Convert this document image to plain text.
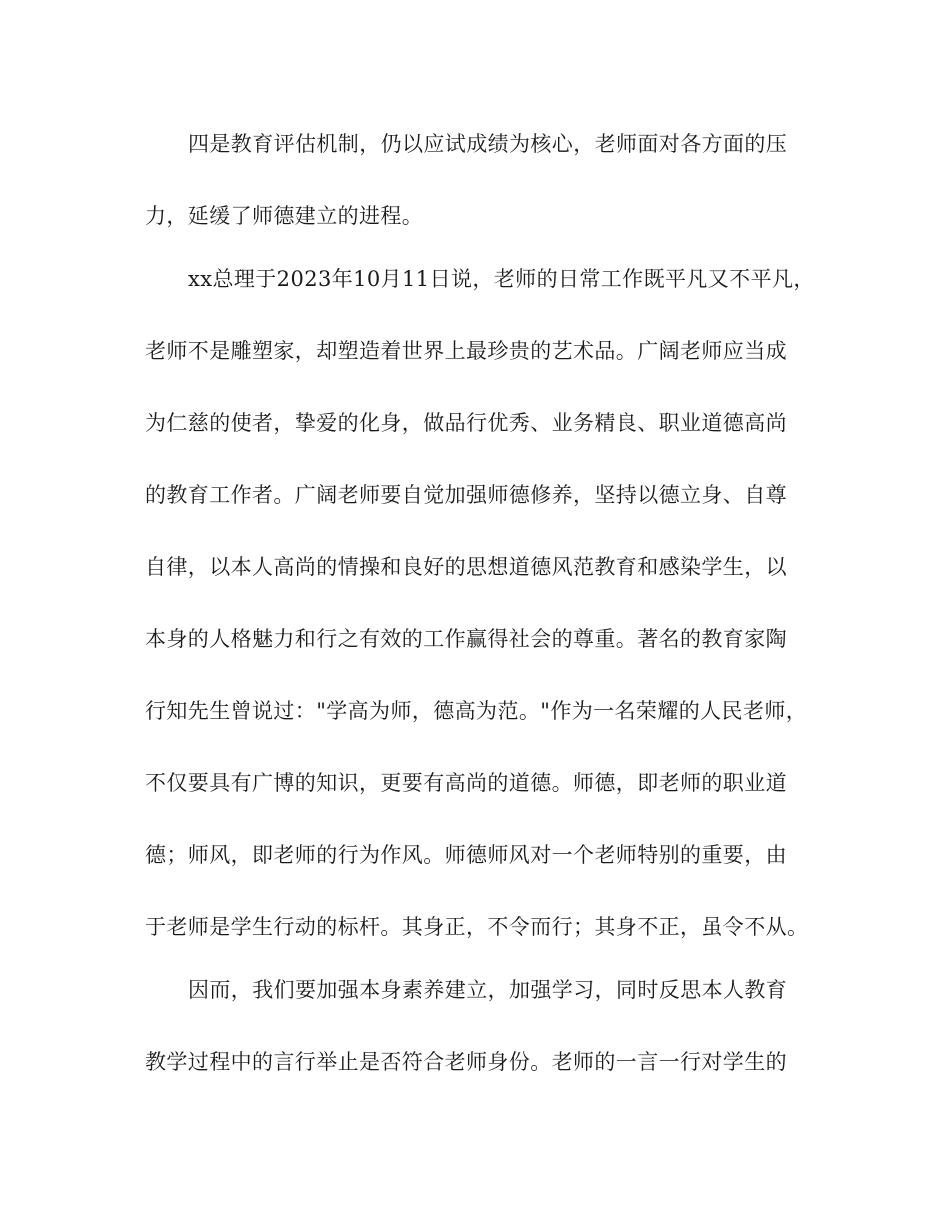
四是教育评估机制，仍以应试成绩为核心，老师面对各方面的压
力，延缓了师德建立的进程。
xx总理于2023年10月11日说，老师的日常工作既平凡又不平凡，
老师不是雕塑家，却塑造着世界上最珍贵的艺术品。广阔老师应当成
为仁慈的使者，挚爱的化身，做品行优秀、业务精良、职业道德高尚
的教育工作者。广阔老师要自觉加强师德修养，坚持以德立身、自尊
自律，以本人高尚的情操和良好的思想道德风范教育和感染学生，以
本身的人格魅力和行之有效的工作赢得社会的尊重。著名的教育家陶
行知先生曾说过："学高为师，德高为范。"作为一名荣耀的人民老师，
不仅要具有广博的知识，更要有高尚的道德。师德，即老师的职业道
德；师风，即老师的行为作风。师德师风对一个老师特别的重要，由
于老师是学生行动的标杆。其身正，不令而行；其身不正，虽令不从。
因而，我们要加强本身素养建立，加强学习，同时反思本人教育
教学过程中的言行举止是否符合老师身份。老师的一言一行对学生的
